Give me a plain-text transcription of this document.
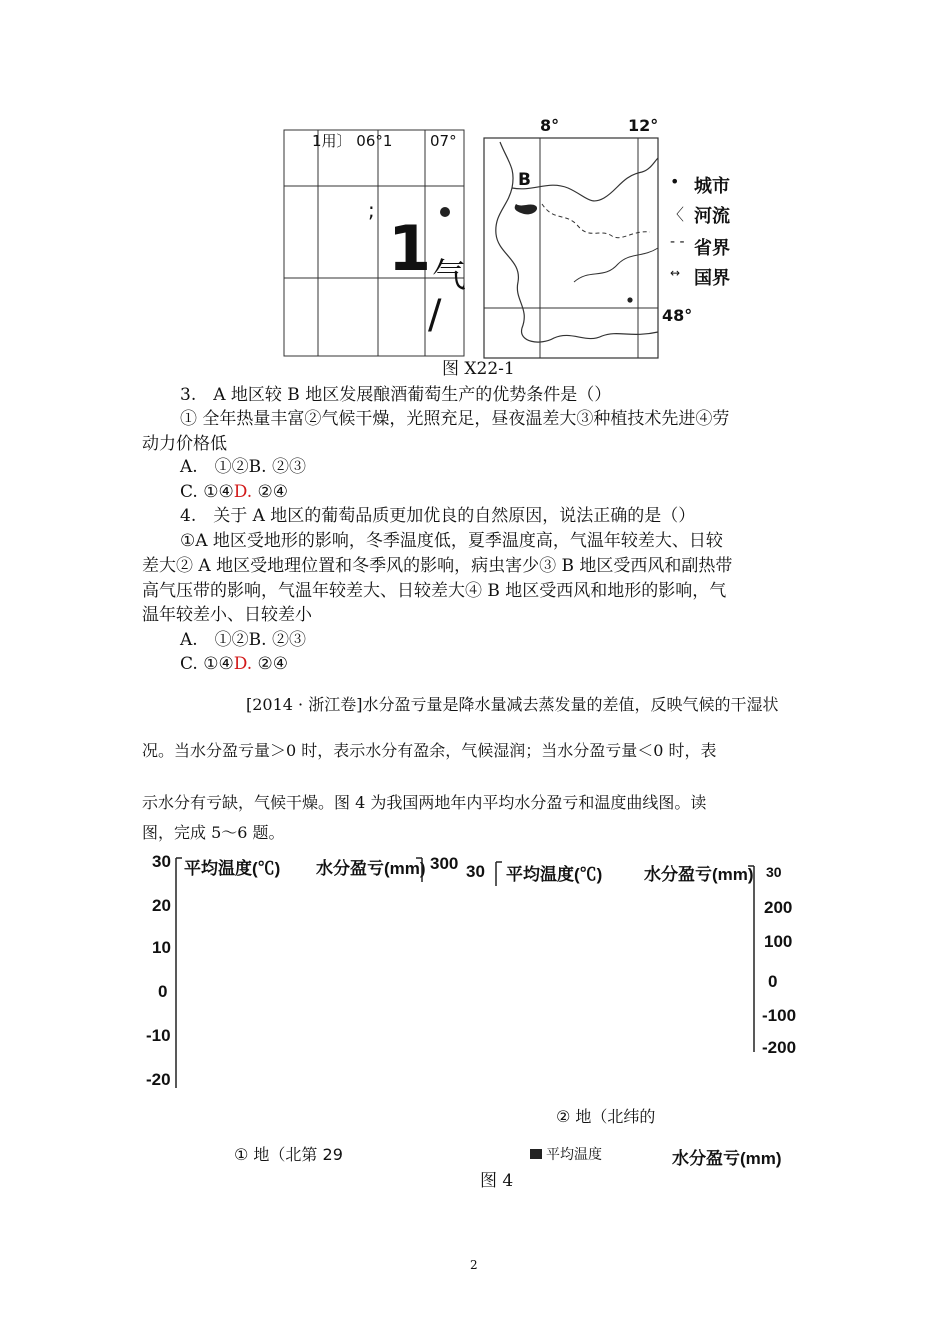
1用〕 06°1	07°
;
1 气
/
8°	12°
48°
B	• 城市
〈 河流
- - 省界
↔ 国界
图 X22-1
3.　A 地区较 B 地区发展酿酒葡萄生产的优势条件是（）
① 全年热量丰富②气候干燥，光照充足，昼夜温差大③种植技术先进④劳
动力价格低
A.　①②B. ②③
C. ①④D. ②④
4.　关于 A 地区的葡萄品质更加优良的自然原因，说法正确的是（）
①A 地区受地形的影响，冬季温度低，夏季温度高，气温年较差大、日较
差大② A 地区受地理位置和冬季风的影响，病虫害少③ B 地区受西风和副热带
高气压带的影响，气温年较差大、日较差大④ B 地区受西风和地形的影响，气
温年较差小、日较差小
A.　①②B. ②③
C. ①④D. ②④
[2014 · 浙江卷]水分盈亏量是降水量减去蒸发量的差值，反映气候的干湿状
况。当水分盈亏量＞0 时，表示水分有盈余，气候湿润；当水分盈亏量＜0 时，表
示水分有亏缺，气候干燥。图 4 为我国两地年内平均水分盈亏和温度曲线图。读
图，完成 5～6 题。
30
20
10
0
-10
-20
平均温度(℃) 水分盈亏(mm) 300 30 平均温度(℃) 水分盈亏(mm) 30
200
100
0
-100
-200
② 地（北纬的
① 地（北第 29	平均温度	水分盈亏(mm)
图 4
2
